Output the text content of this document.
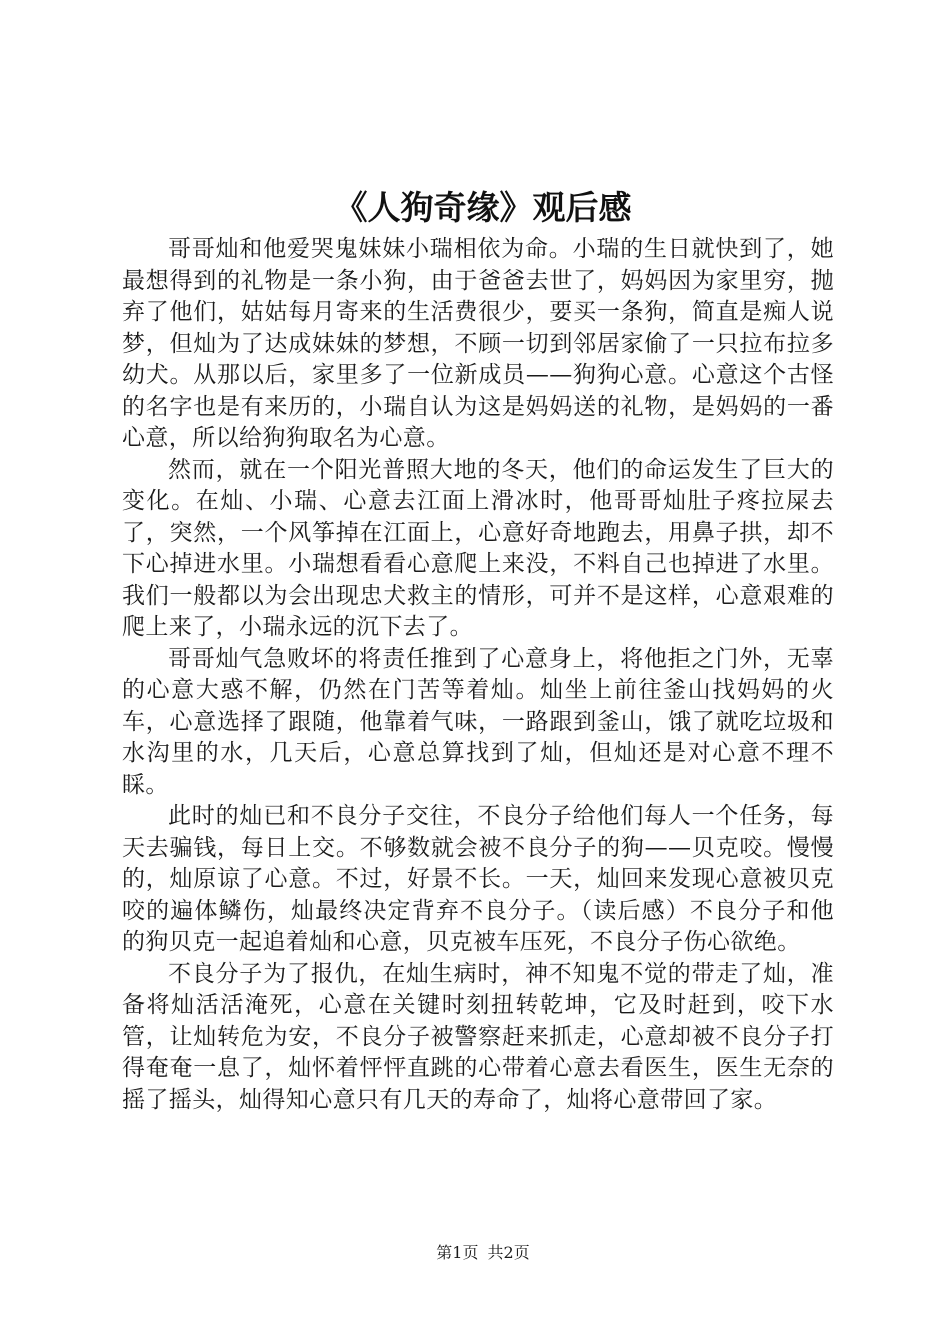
《人狗奇缘》观后感

哥哥灿和他爱哭鬼妹妹小瑞相依为命。小瑞的生日就快到了，她最想得到的礼物是一条小狗，由于爸爸去世了，妈妈因为家里穷，抛弃了他们，姑姑每月寄来的生活费很少，要买一条狗，简直是痴人说梦，但灿为了达成妹妹的梦想，不顾一切到邻居家偷了一只拉布拉多幼犬。从那以后，家里多了一位新成员——狗狗心意。心意这个古怪的名字也是有来历的，小瑞自认为这是妈妈送的礼物，是妈妈的一番心意，所以给狗狗取名为心意。

然而，就在一个阳光普照大地的冬天，他们的命运发生了巨大的变化。在灿、小瑞、心意去江面上滑冰时，他哥哥灿肚子疼拉屎去了，突然，一个风筝掉在江面上，心意好奇地跑去，用鼻子拱，却不下心掉进水里。小瑞想看看心意爬上来没，不料自己也掉进了水里。我们一般都以为会出现忠犬救主的情形，可并不是这样，心意艰难的爬上来了，小瑞永远的沉下去了。

哥哥灿气急败坏的将责任推到了心意身上，将他拒之门外，无辜的心意大惑不解，仍然在门苦等着灿。灿坐上前往釜山找妈妈的火车，心意选择了跟随，他靠着气味，一路跟到釜山，饿了就吃垃圾和水沟里的水，几天后，心意总算找到了灿，但灿还是对心意不理不睬。

此时的灿已和不良分子交往，不良分子给他们每人一个任务，每天去骗钱，每日上交。不够数就会被不良分子的狗——贝克咬。慢慢的，灿原谅了心意。不过，好景不长。一天，灿回来发现心意被贝克咬的遍体鳞伤，灿最终决定背弃不良分子。（读后感）不良分子和他的狗贝克一起追着灿和心意，贝克被车压死，不良分子伤心欲绝。

不良分子为了报仇，在灿生病时，神不知鬼不觉的带走了灿，准备将灿活活淹死，心意在关键时刻扭转乾坤，它及时赶到，咬下水管，让灿转危为安，不良分子被警察赶来抓走，心意却被不良分子打得奄奄一息了，灿怀着怦怦直跳的心带着心意去看医生，医生无奈的摇了摇头，灿得知心意只有几天的寿命了，灿将心意带回了家。

第1页 共2页
